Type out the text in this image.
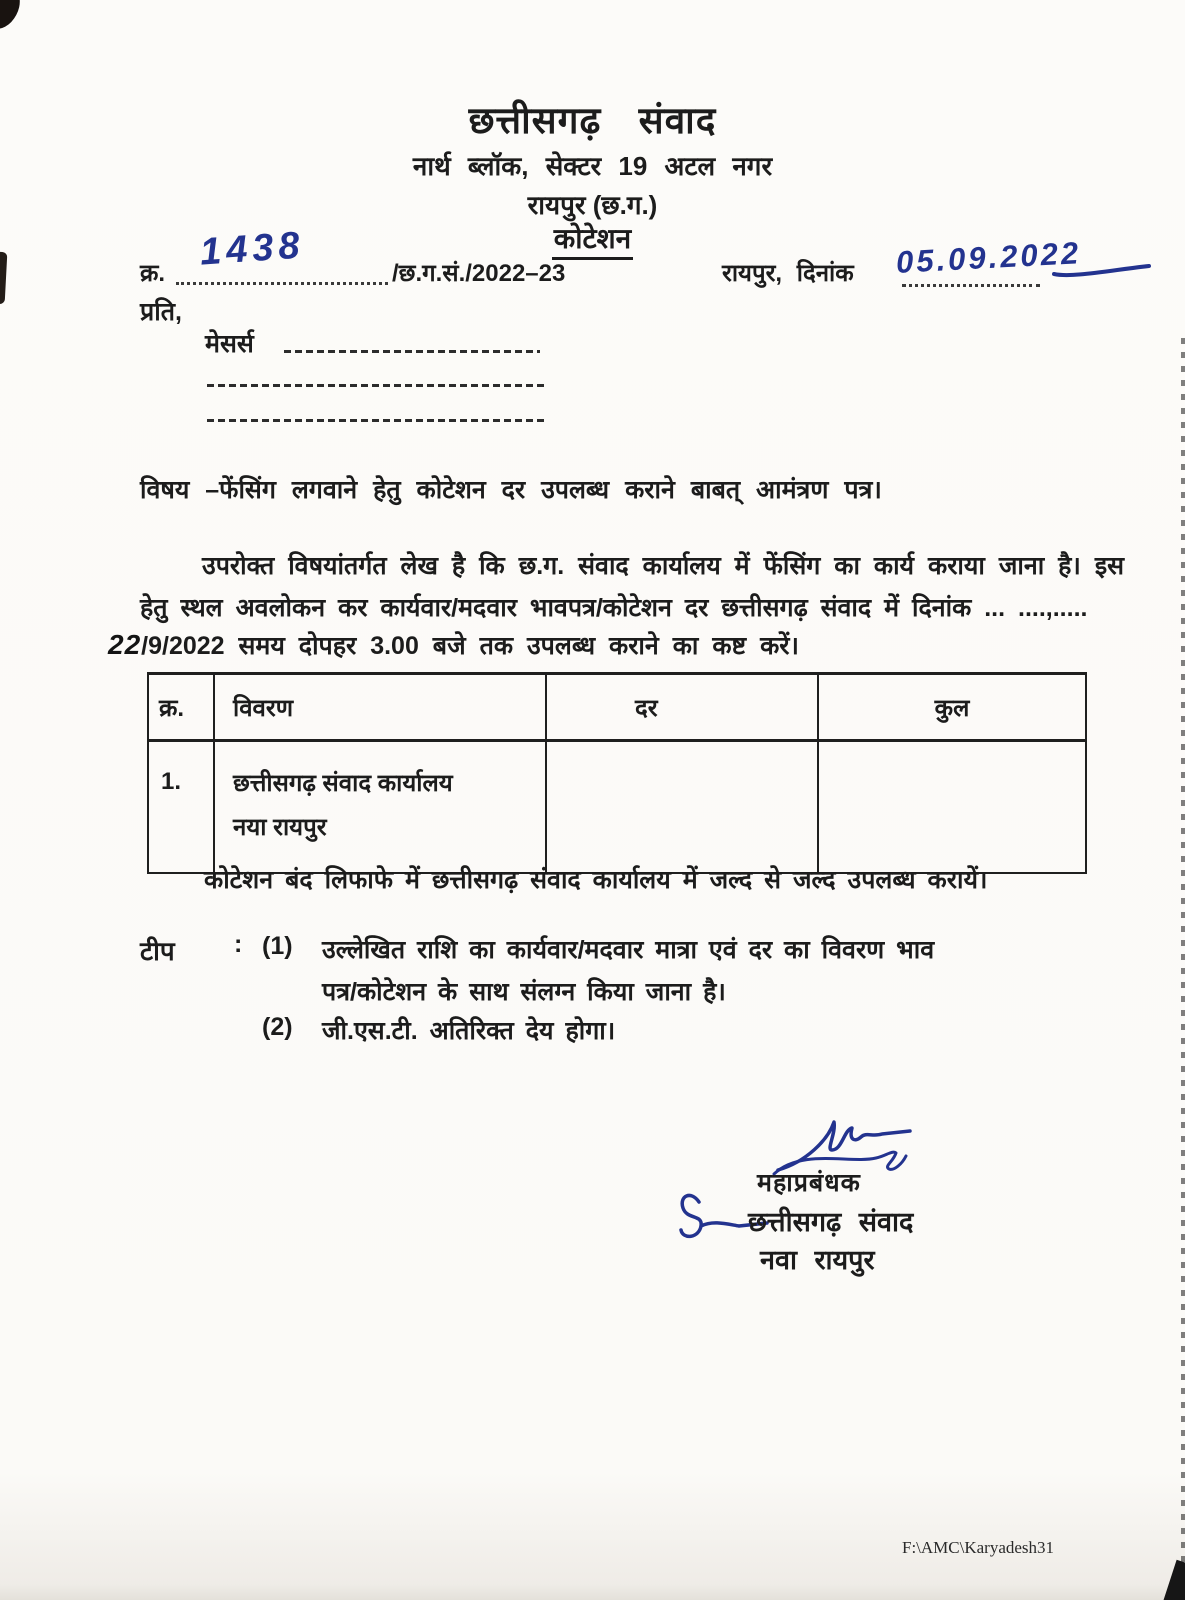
छत्तीसगढ़ संवाद
नार्थ ब्लॉक, सेक्टर 19 अटल नगर
रायपुर (छ.ग.)
कोटेशन
क्र. 1438	/छ.ग.सं./2022–23	रायपुर, दिनांक 05.09.2022
प्रति,
मेसर्स
विषय –फेंसिंग लगवाने हेतु कोटेशन दर उपलब्ध कराने बाबत् आमंत्रण पत्र।
उपरोक्त विषयांतर्गत लेख है कि छ.ग. संवाद कार्यालय में फेंसिंग का कार्य कराया जाना है। इस
हेतु स्थल अवलोकन कर कार्यवार/मदवार भावपत्र/कोटेशन दर छत्तीसगढ़ संवाद में दिनांक ... ....,.....
22/9/2022 समय दोपहर 3.00 बजे तक उपलब्ध कराने का कष्ट करें।
क्र.	विवरण	दर	कुल
1.	छत्तीसगढ़ संवाद कार्यालय
नया रायपुर		

कोटेशन बंद लिफाफे में छत्तीसगढ़ संवाद कार्यालय में जल्द से जल्द उपलब्ध करायें।
टीप : (1) उल्लेखित राशि का कार्यवार/मदवार मात्रा एवं दर का विवरण भाव
पत्र/कोटेशन के साथ संलग्न किया जाना है।
(2) जी.एस.टी. अतिरिक्त देय होगा।
महाप्रबंधक
छत्तीसगढ़ संवाद
नवा रायपुर
F:\AMC\Karyadesh31
